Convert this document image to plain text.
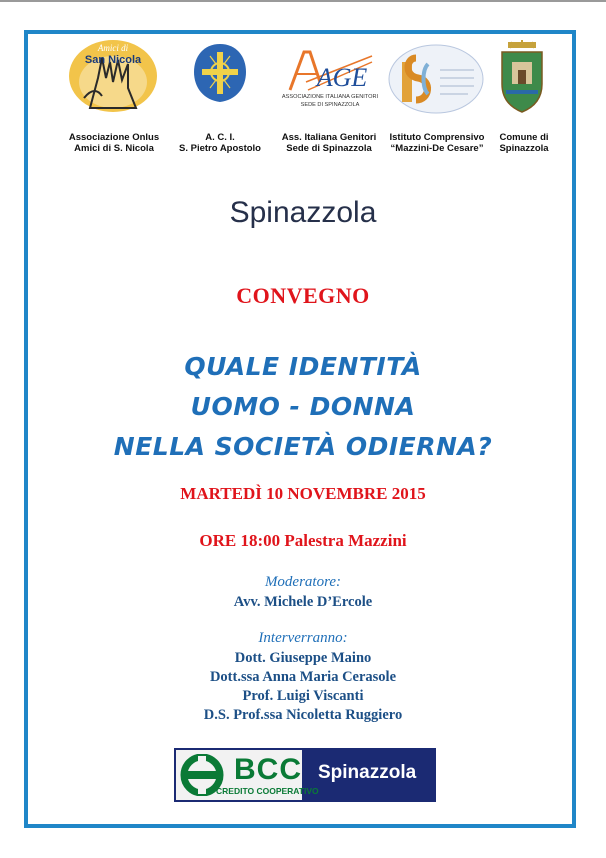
Amici di
San Nicola
Associazione Onlus
Amici di S. Nicola
A. C. I.
S. Pietro Apostolo
AGE
ASSOCIAZIONE ITALIANA GENITORI
SEDE DI SPINAZZOLA
Ass. Italiana Genitori
Sede di Spinazzola
Istituto Comprensivo
“Mazzini-De Cesare”
Comune di
Spinazzola
Spinazzola
CONVEGNO
QUALE IDENTITÀ
UOMO - DONNA
NELLA SOCIETÀ ODIERNA?
MARTEDÌ 10 NOVEMBRE 2015
ORE 18:00 Palestra Mazzini
Moderatore:
Avv. Michele D’Ercole
Interverranno:
Dott. Giuseppe Maino
Dott.ssa Anna Maria Cerasole
Prof. Luigi Viscanti
D.S. Prof.ssa Nicoletta Ruggiero
BCC
CREDITO COOPERATIVO
Spinazzola
